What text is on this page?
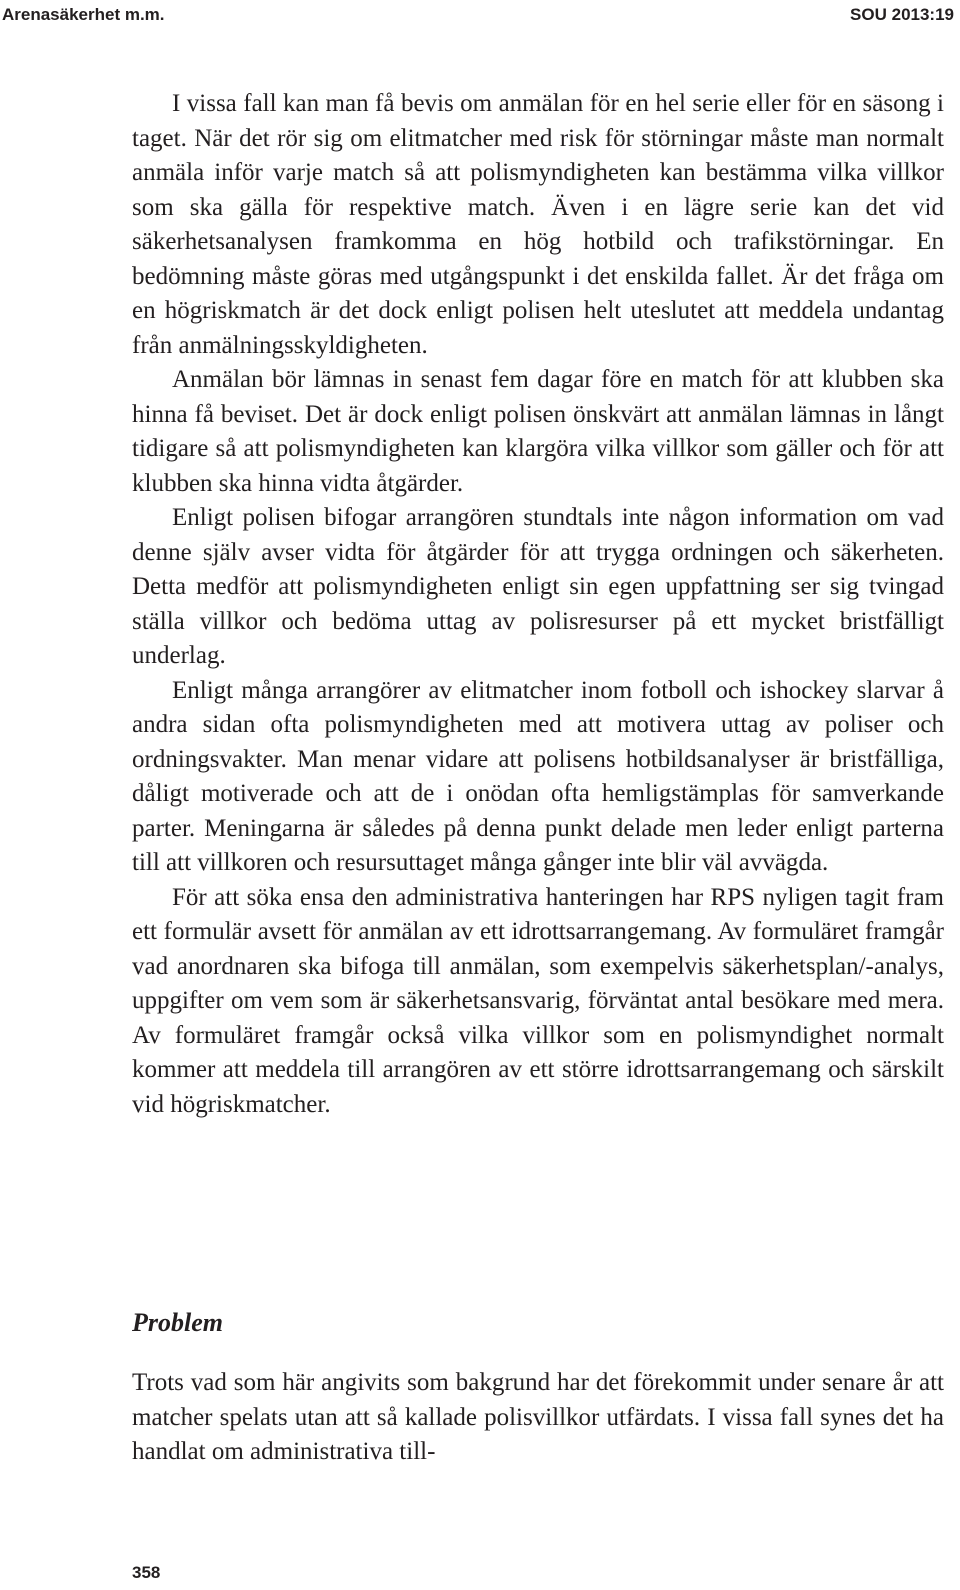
Arenasäkerhet m.m.	SOU 2013:19

I vissa fall kan man få bevis om anmälan för en hel serie eller för en säsong i taget. När det rör sig om elitmatcher med risk för störningar måste man normalt anmäla inför varje match så att polismyndigheten kan bestämma vilka villkor som ska gälla för respektive match. Även i en lägre serie kan det vid säkerhetsanalysen framkomma en hög hotbild och trafikstörningar. En bedömning måste göras med utgångspunkt i det enskilda fallet. Är det fråga om en högriskmatch är det dock enligt polisen helt uteslutet att meddela undantag från anmälningsskyldigheten.

Anmälan bör lämnas in senast fem dagar före en match för att klubben ska hinna få beviset. Det är dock enligt polisen önskvärt att anmälan lämnas in långt tidigare så att polismyndigheten kan klargöra vilka villkor som gäller och för att klubben ska hinna vidta åtgärder.

Enligt polisen bifogar arrangören stundtals inte någon information om vad denne själv avser vidta för åtgärder för att trygga ordningen och säkerheten. Detta medför att polismyndigheten enligt sin egen uppfattning ser sig tvingad ställa villkor och bedöma uttag av polisresurser på ett mycket bristfälligt underlag.

Enligt många arrangörer av elitmatcher inom fotboll och ishockey slarvar å andra sidan ofta polismyndigheten med att motivera uttag av poliser och ordningsvakter. Man menar vidare att polisens hotbildsanalyser är bristfälliga, dåligt motiverade och att de i onödan ofta hemligstämplas för samverkande parter. Meningarna är således på denna punkt delade men leder enligt parterna till att villkoren och resursuttaget många gånger inte blir väl avvägda.

För att söka ensa den administrativa hanteringen har RPS nyligen tagit fram ett formulär avsett för anmälan av ett idrottsarrangemang. Av formuläret framgår vad anordnaren ska bifoga till anmälan, som exempelvis säkerhetsplan/-analys, uppgifter om vem som är säkerhetsansvarig, förväntat antal besökare med mera. Av formuläret framgår också vilka villkor som en polismyndighet normalt kommer att meddela till arrangören av ett större idrottsarrangemang och särskilt vid högriskmatcher.

Problem

Trots vad som här angivits som bakgrund har det förekommit under senare år att matcher spelats utan att så kallade polisvillkor utfärdats. I vissa fall synes det ha handlat om administrativa till-

358
